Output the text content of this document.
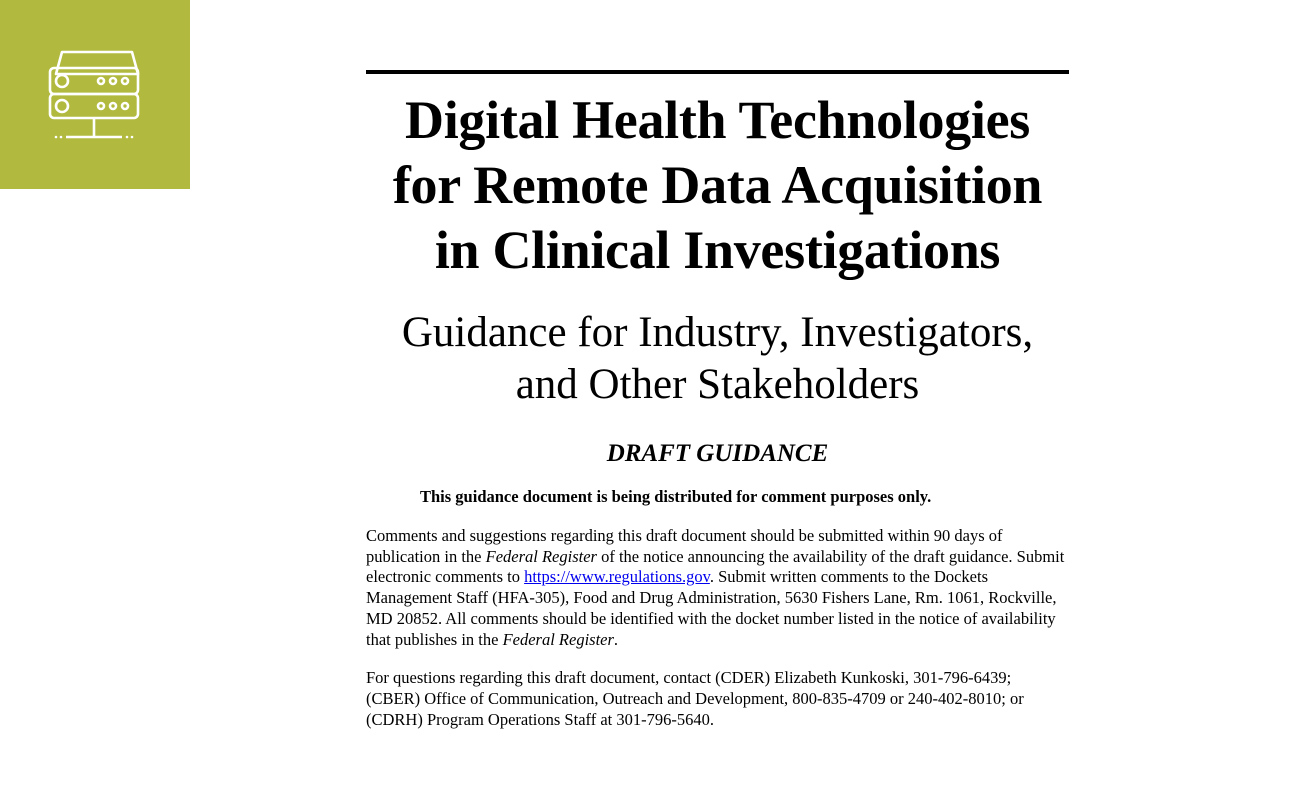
Digital Health Technologies
for Remote Data Acquisition
in Clinical Investigations
Guidance for Industry, Investigators,
and Other Stakeholders
DRAFT GUIDANCE
This guidance document is being distributed for comment purposes only.

Comments and suggestions regarding this draft document should be submitted within 90 days of publication in the Federal Register of the notice announcing the availability of the draft guidance. Submit electronic comments to https://www.regulations.gov. Submit written comments to the Dockets Management Staff (HFA-305), Food and Drug Administration, 5630 Fishers Lane, Rm. 1061, Rockville, MD 20852. All comments should be identified with the docket number listed in the notice of availability that publishes in the Federal Register.

For questions regarding this draft document, contact (CDER) Elizabeth Kunkoski, 301-796-6439; (CBER) Office of Communication, Outreach and Development, 800-835-4709 or 240-402-8010; or (CDRH) Program Operations Staff at 301-796-5640.
